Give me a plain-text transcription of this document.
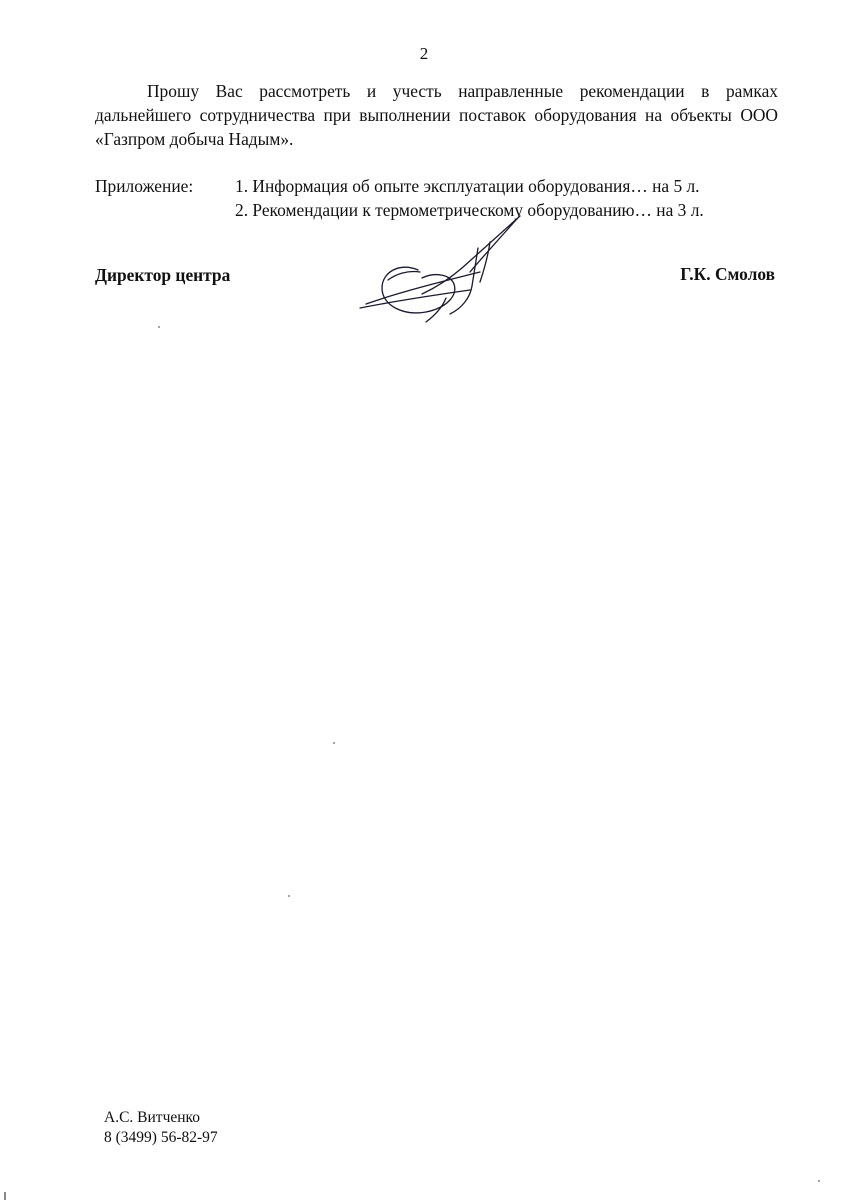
2

Прошу Вас рассмотреть и учесть направленные рекомендации в рамках дальнейшего сотрудничества при выполнении поставок оборудования на объекты ООО «Газпром добыча Надым».

Приложение: 1. Информация об опыте эксплуатации оборудования… на 5 л.
2. Рекомендации к термометрическому оборудованию… на 3 л.
Директор центра	Г.К. Смолов
А.С. Витченко
8 (3499) 56-82-97
